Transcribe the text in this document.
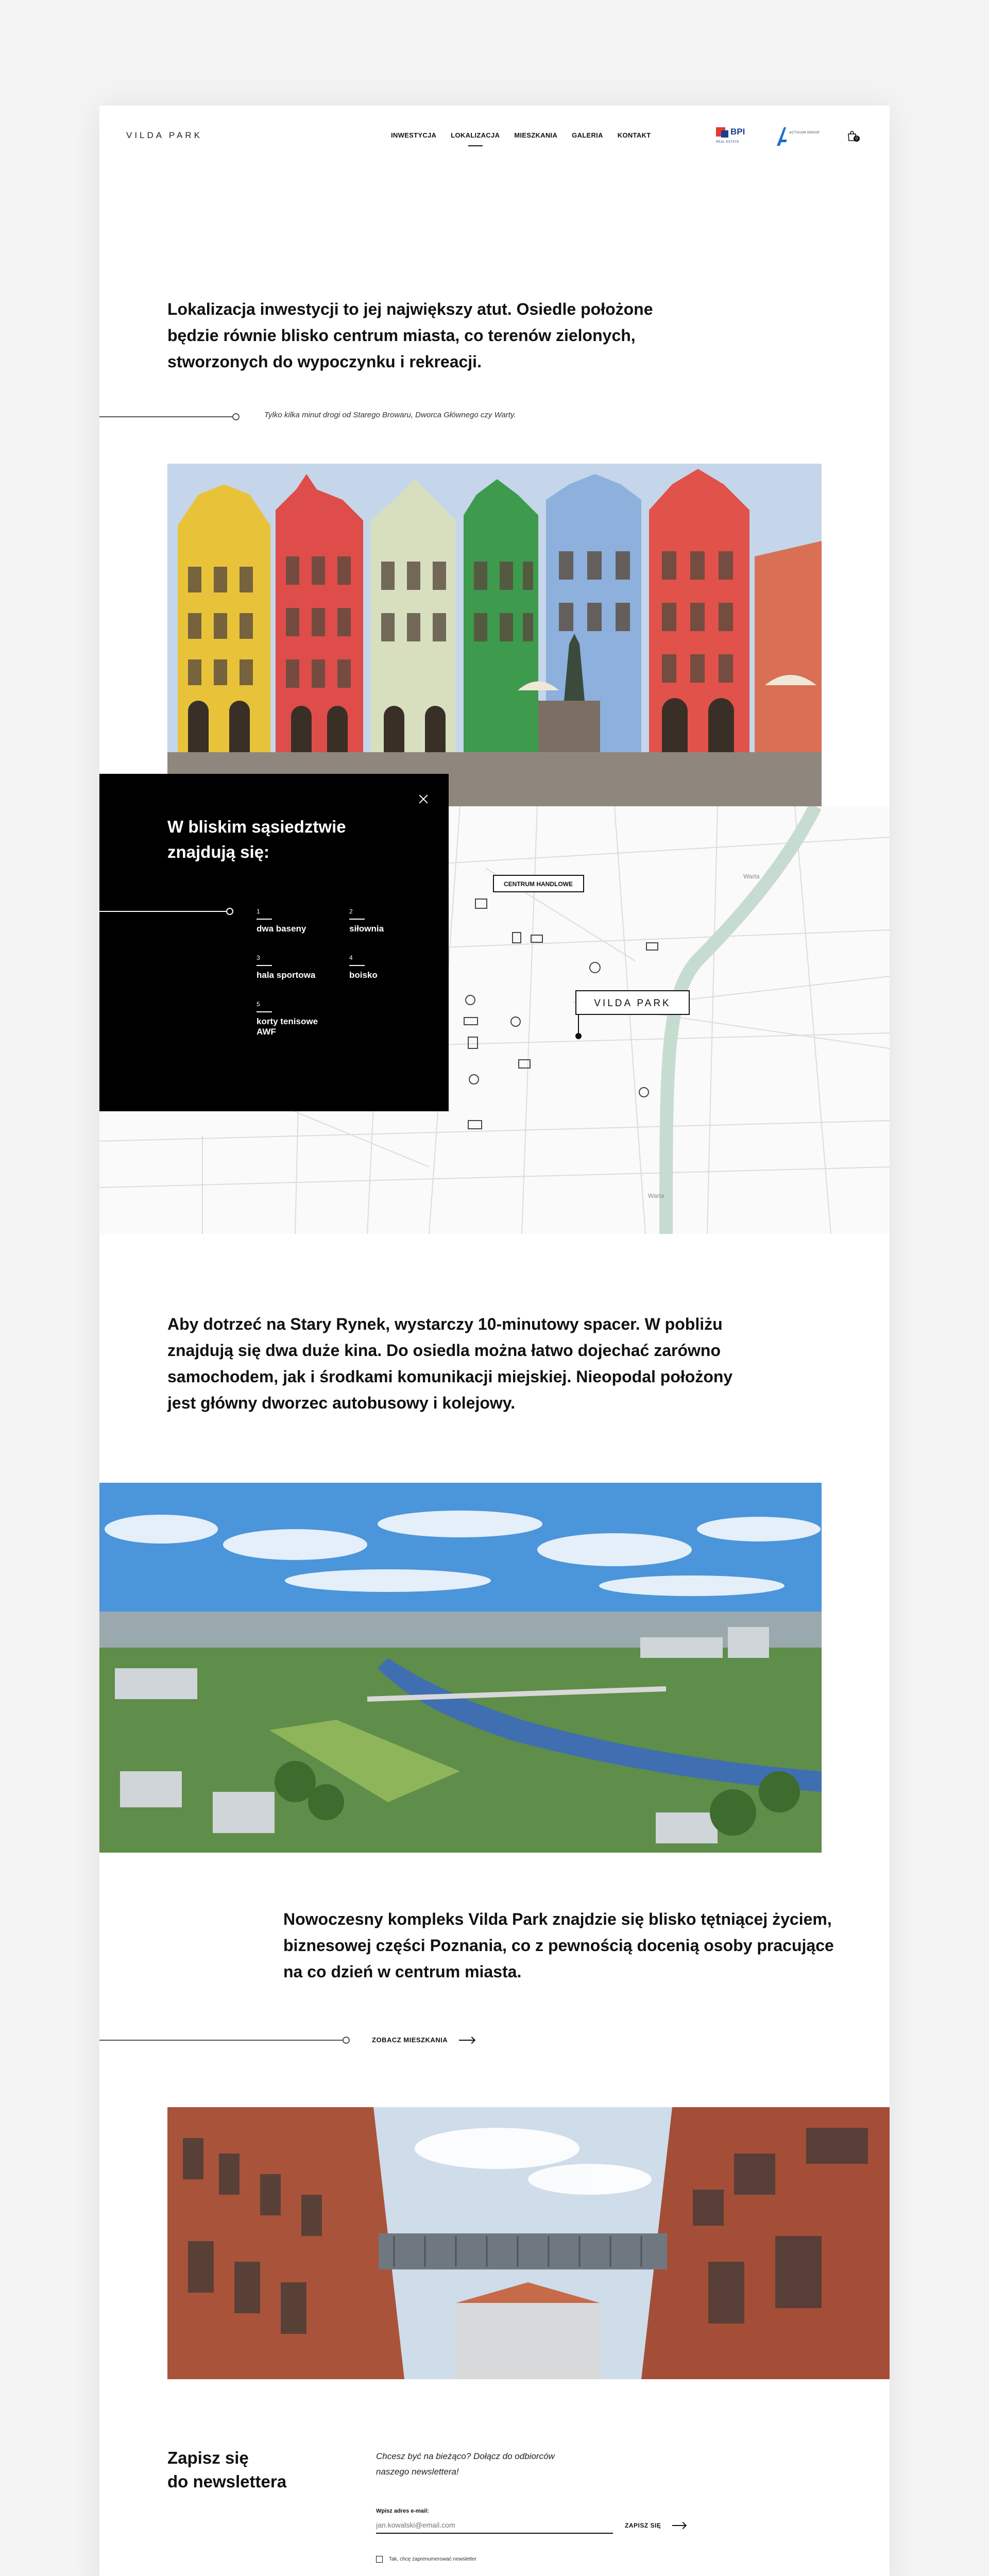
VILDA PARK	INWESTYCJA LOKALIZACJA MIESZKANIA GALERIA KONTAKT	BPI
REAL ESTATE
ACTIVIUM GROUP
0
Lokalizacja inwestycji to jej największy atut. Osiedle położone będzie równie blisko centrum miasta, co terenów zielonych, stworzonych do wypoczynku i rekreacji.
Tylko kilka minut drogi od Starego Browaru, Dworca Głównego czy Warty.
Warta
Warta
CENTRUM HANDLOWE
VILDA PARK
W bliskim sąsiedztwie znajdują się:
1
dwa baseny
2
siłownia
3
hala sportowa
4
boisko
5
korty tenisowe AWF
Aby dotrzeć na Stary Rynek, wystarczy 10-minutowy spacer. W pobliżu znajdują się dwa duże kina. Do osiedla można łatwo dojechać zarówno samochodem, jak i środkami komunikacji miejskiej. Nieopodal położony jest główny dworzec autobusowy i kolejowy.
Nowoczesny kompleks Vilda Park znajdzie się blisko tętniącej życiem, biznesowej części Poznania, co z pewnością docenią osoby pracujące na co dzień w centrum miasta.
ZOBACZ MIESZKANIA
Zapisz się
do newslettera
Chcesz być na bieżąco? Dołącz do odbiorców naszego newslettera!
Wpisz adres e-mail:
jan.kowalski@email.com
ZAPISZ SIĘ
Tak, chcę zaprenumerować newsletter
